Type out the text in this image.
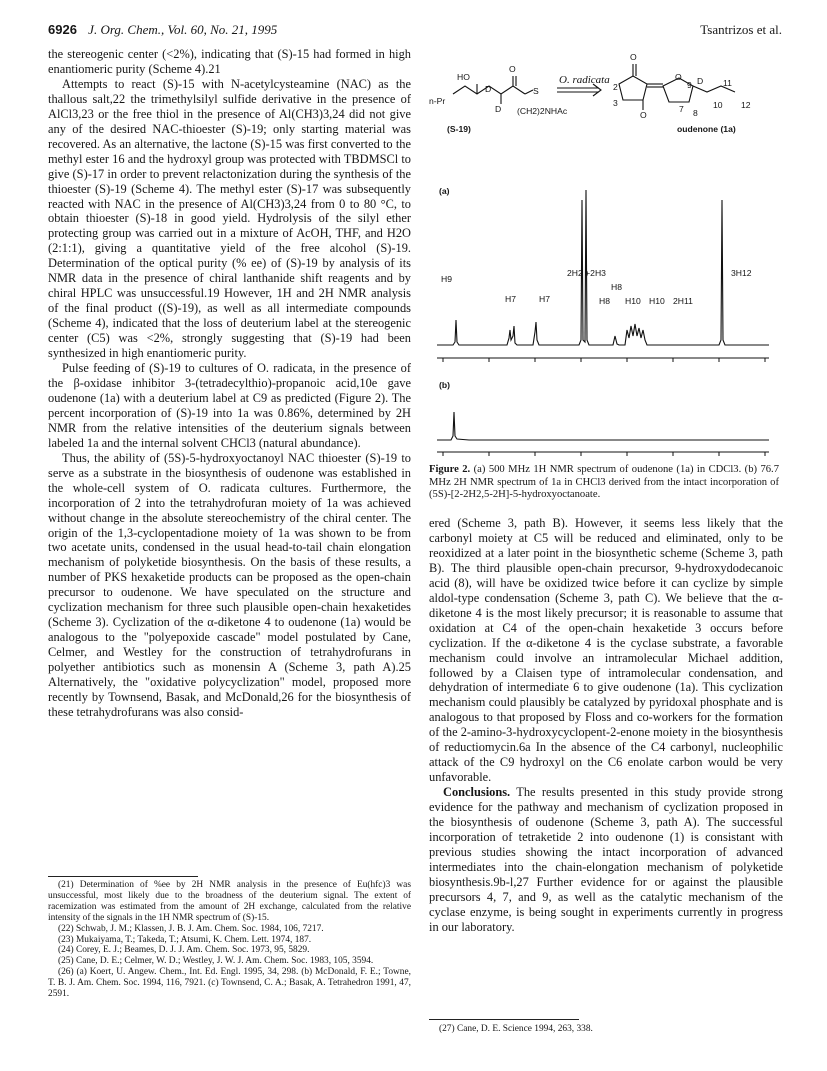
6926 J. Org. Chem., Vol. 60, No. 21, 1995	Tsantrizos et al.

the stereogenic center (<2%), indicating that (S)-15 had formed in high enantiomeric purity (Scheme 4).21

Attempts to react (S)-15 with N-acetylcysteamine (NAC) as the thallous salt,22 the trimethylsilyl sulfide derivative in the presence of AlCl3,23 or the free thiol in the presence of Al(CH3)3,24 did not give any of the desired NAC-thioester (S)-19; only starting material was recovered. As an alternative, the lactone (S)-15 was first converted to the methyl ester 16 and the hydroxyl group was protected with TBDMSCl to give (S)-17 in order to prevent relactonization during the synthesis of the thioester (S)-19 (Scheme 4). The methyl ester (S)-17 was subsequently reacted with NAC in the presence of Al(CH3)3,24 from 0 to 80 °C, to obtain thioester (S)-18 in good yield. Hydrolysis of the silyl ether protecting group was carried out in a mixture of AcOH, THF, and H2O (2:1:1), giving a quantitative yield of the free alcohol (S)-19. Determination of the optical purity (% ee) of (S)-19 by analysis of its NMR data in the presence of chiral lanthanide shift reagents and by chiral HPLC was unsuccessful.19 However, 1H and 2H NMR analysis of the final product ((S)-19), as well as all intermediate compounds (Scheme 4), indicated that the loss of deuterium label at the stereogenic center (C5) was <2%, strongly suggesting that (S)-19 had been synthesized in high enantiomeric purity.

Pulse feeding of (S)-19 to cultures of O. radicata, in the presence of the β-oxidase inhibitor 3-(tetradecylthio)-propanoic acid,10e gave oudenone (1a) with a deuterium label at C9 as predicted (Figure 2). The percent incorporation of (S)-19 into 1a was 0.86%, determined by 2H NMR from the relative intensities of the deuterium signals between labeled 1a and the internal solvent CHCl3 (natural abundance).

Thus, the ability of (5S)-5-hydroxyoctanoyl NAC thioester (S)-19 to serve as a substrate in the biosynthesis of oudenone was established in the whole-cell system of O. radicata cultures. Furthermore, the incorporation of 2 into the tetrahydrofuran moiety of 1a was achieved without change in the absolute stereochemistry of the chiral center. The origin of the 1,3-cyclopentadione moiety of 1a was shown to be from two acetate units, condensed in the usual head-to-tail chain elongation mechanism of polyketide biosynthesis. On the basis of these results, a number of PKS hexaketide products can be proposed as the open-chain precursor to oudenone. We have speculated on the structure and cyclization mechanism for three such plausible open-chain hexaketides (Scheme 3). Cyclization of the α-diketone 4 to oudenone (1a) would be analogous to the "polyepoxide cascade" model postulated by Cane, Celmer, and Westley for the construction of tetrahydrofurans in polyether antibiotics such as monensin A (Scheme 3, path A).25 Alternatively, the "oxidative polycyclization" model, proposed more recently by Townsend, Basak, and McDonald,26 for the biosynthesis of these tetrahydrofurans was also consid-

(21) Determination of %ee by 2H NMR analysis in the presence of Eu(hfc)3 was unsuccessful, most likely due to the broadness of the deuterium signal. The extent of racemization was estimated from the amount of 2H exchange, calculated from the relative intensity of the signals in the 1H NMR spectrum of (S)-15.

(22) Schwab, J. M.; Klassen, J. B. J. Am. Chem. Soc. 1984, 106, 7217.

(23) Mukaiyama, T.; Takeda, T.; Atsumi, K. Chem. Lett. 1974, 187.

(24) Corey, E. J.; Beames, D. J. J. Am. Chem. Soc. 1973, 95, 5829.

(25) Cane, D. E.; Celmer, W. D.; Westley, J. W. J. Am. Chem. Soc. 1983, 105, 3594.

(26) (a) Koert, U. Angew. Chem., Int. Ed. Engl. 1995, 34, 298. (b) McDonald, F. E.; Towne, T. B. J. Am. Chem. Soc. 1994, 116, 7921. (c) Townsend, C. A.; Basak, A. Tetrahedron 1991, 47, 2591.

HO
O
S
D
D
n-Pr
(CH2)2NHAc
(S-19)
O. radicata
O
O
O D
2
3
9
7 8
10
11
12
oudenone (1a)
(a)
H9
H7	H7
2H2 +2H3
H8
H8 H10 H10 2H11
3H12
(b)
Figure 2. (a) 500 MHz 1H NMR spectrum of oudenone (1a) in CDCl3. (b) 76.7 MHz 2H NMR spectrum of 1a in CHCl3 derived from the intact incorporation of (5S)-[2-2H2,5-2H]-5-hydroxyoctanoate.

ered (Scheme 3, path B). However, it seems less likely that the carbonyl moiety at C5 will be reduced and eliminated, only to be reoxidized at a later point in the biosynthetic scheme (Scheme 3, path B). The third plausible open-chain precursor, 9-hydroxydodecanoic acid (8), will have be oxidized twice before it can cyclize by simple aldol-type condensation (Scheme 3, path C). We believe that the α-diketone 4 is the most likely precursor; it is reasonable to assume that oxidation at C4 of the open-chain hexaketide 3 occurs before cyclization. If the α-diketone 4 is the cyclase substrate, a favorable mechanism could involve an intramolecular Michael addition, followed by a Claisen type of intramolecular condensation, and dehydration of intermediate 6 to give oudenone (1a). This cyclization mechanism could plausibly be catalyzed by pyridoxal phosphate and is analogous to that proposed by Floss and co-workers for the formation of the 2-amino-3-hydroxycyclopent-2-enone moiety in the biosynthesis of reductiomycin.6a In the absence of the C4 carbonyl, nucleophilic attack of the C9 hydroxyl on the C6 enolate carbon would be very unfavorable.

Conclusions. The results presented in this study provide strong evidence for the pathway and mechanism of cyclization proposed in the biosynthesis of oudenone (Scheme 3, path A). The successful incorporation of tetraketide 2 into oudenone (1) is consistant with previous studies showing the intact incorporation of advanced intermediates into the chain-elongation mechanism of polyketide biosynthesis.9b-l,27 Further evidence for or against the plausible precursors 4, 7, and 9, as well as the catalytic mechanism of the cyclase enzyme, is being sought in experiments currently in progress in our laboratory.

(27) Cane, D. E. Science 1994, 263, 338.
